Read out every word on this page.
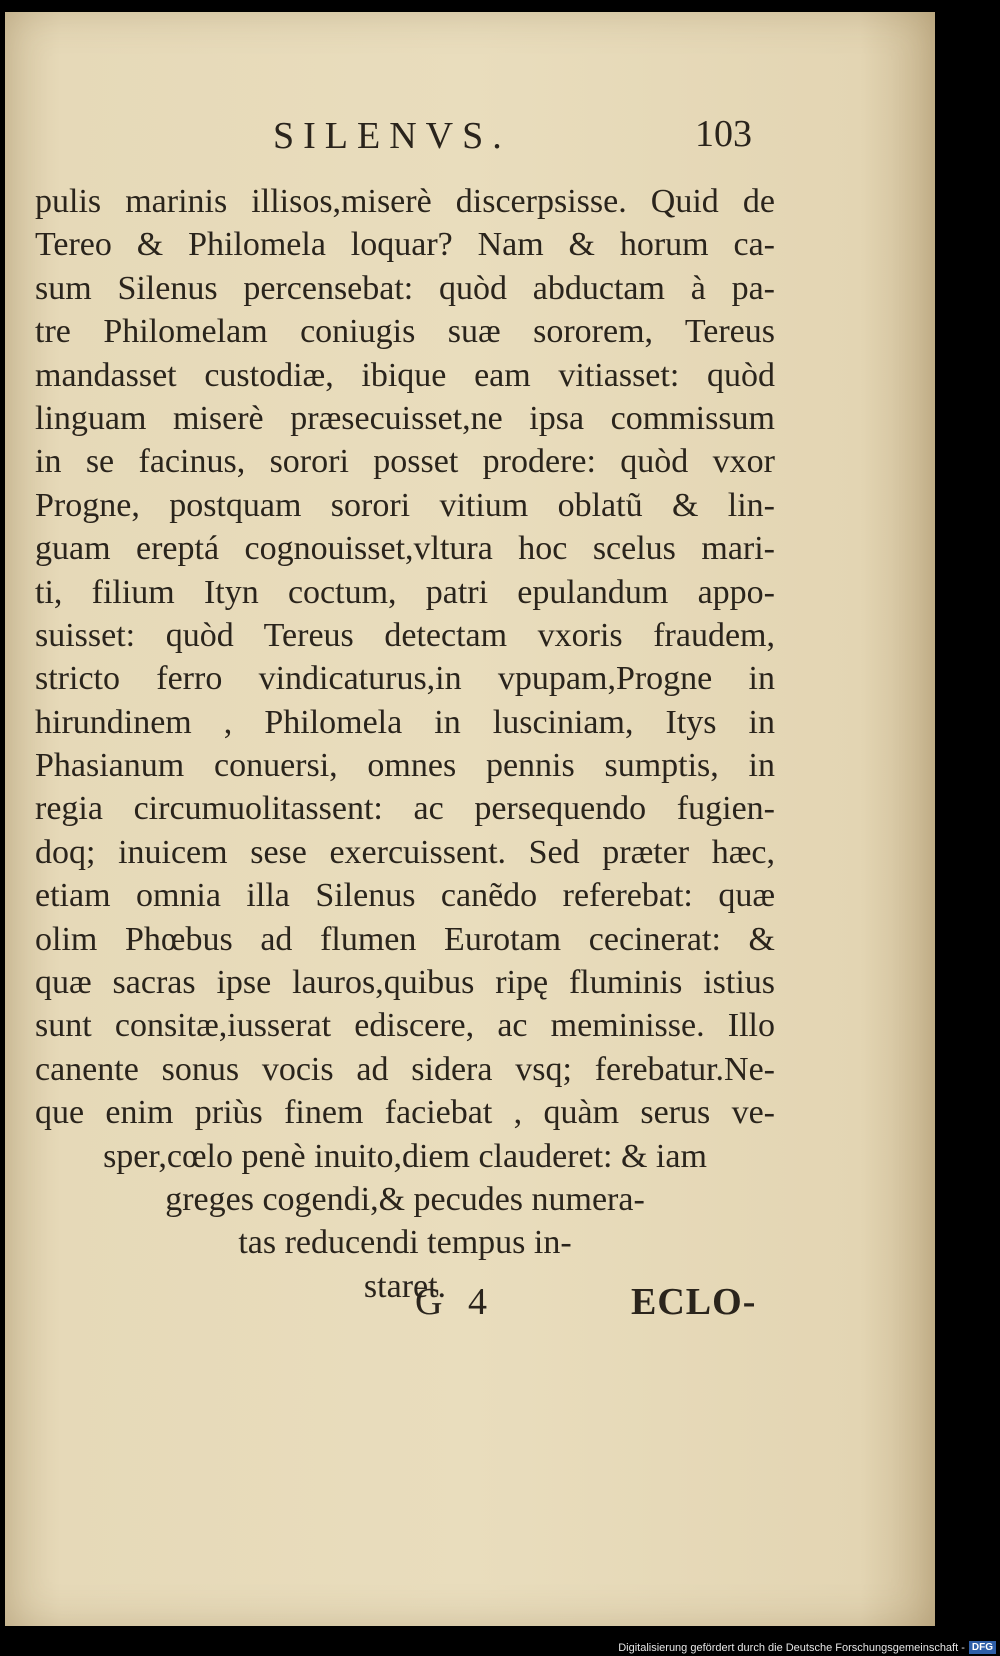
SILENVS.	103
pulis marinis illisos,miserè discerpsisse. Quid de
Tereo & Philomela loquar? Nam & horum ca-
sum Silenus percensebat: quòd abductam à pa-
tre Philomelam coniugis suæ sororem, Tereus
mandasset custodiæ, ibique eam vitiasset: quòd
linguam miserè præsecuisset,ne ipsa commissum
in se facinus, sorori posset prodere: quòd vxor
Progne, postquam sorori vitium oblatũ & lin-
guam ereptá cognouisset,vltura hoc scelus mari-
ti, filium Ityn coctum, patri epulandum appo-
suisset: quòd Tereus detectam vxoris fraudem,
stricto ferro vindicaturus,in vpupam,Progne in
hirundinem , Philomela in lusciniam, Itys in
Phasianum conuersi, omnes pennis sumptis, in
regia circumuolitassent: ac persequendo fugien-
doq; inuicem sese exercuissent. Sed præter hæc,
etiam omnia illa Silenus canẽdo referebat: quæ
olim Phœbus ad flumen Eurotam cecinerat: &
quæ sacras ipse lauros,quibus ripę fluminis istius
sunt consitæ,iusserat ediscere, ac meminisse. Illo
canente sonus vocis ad sidera vsq; ferebatur.Ne-
que enim priùs finem faciebat , quàm serus ve-
sper,cœlo penè inuito,diem clauderet: & iam
greges cogendi,& pecudes numera-
tas reducendi tempus in-
staret.
G 4	ECLO-
Digitalisierung gefördert durch die Deutsche Forschungsgemeinschaft - DFG
